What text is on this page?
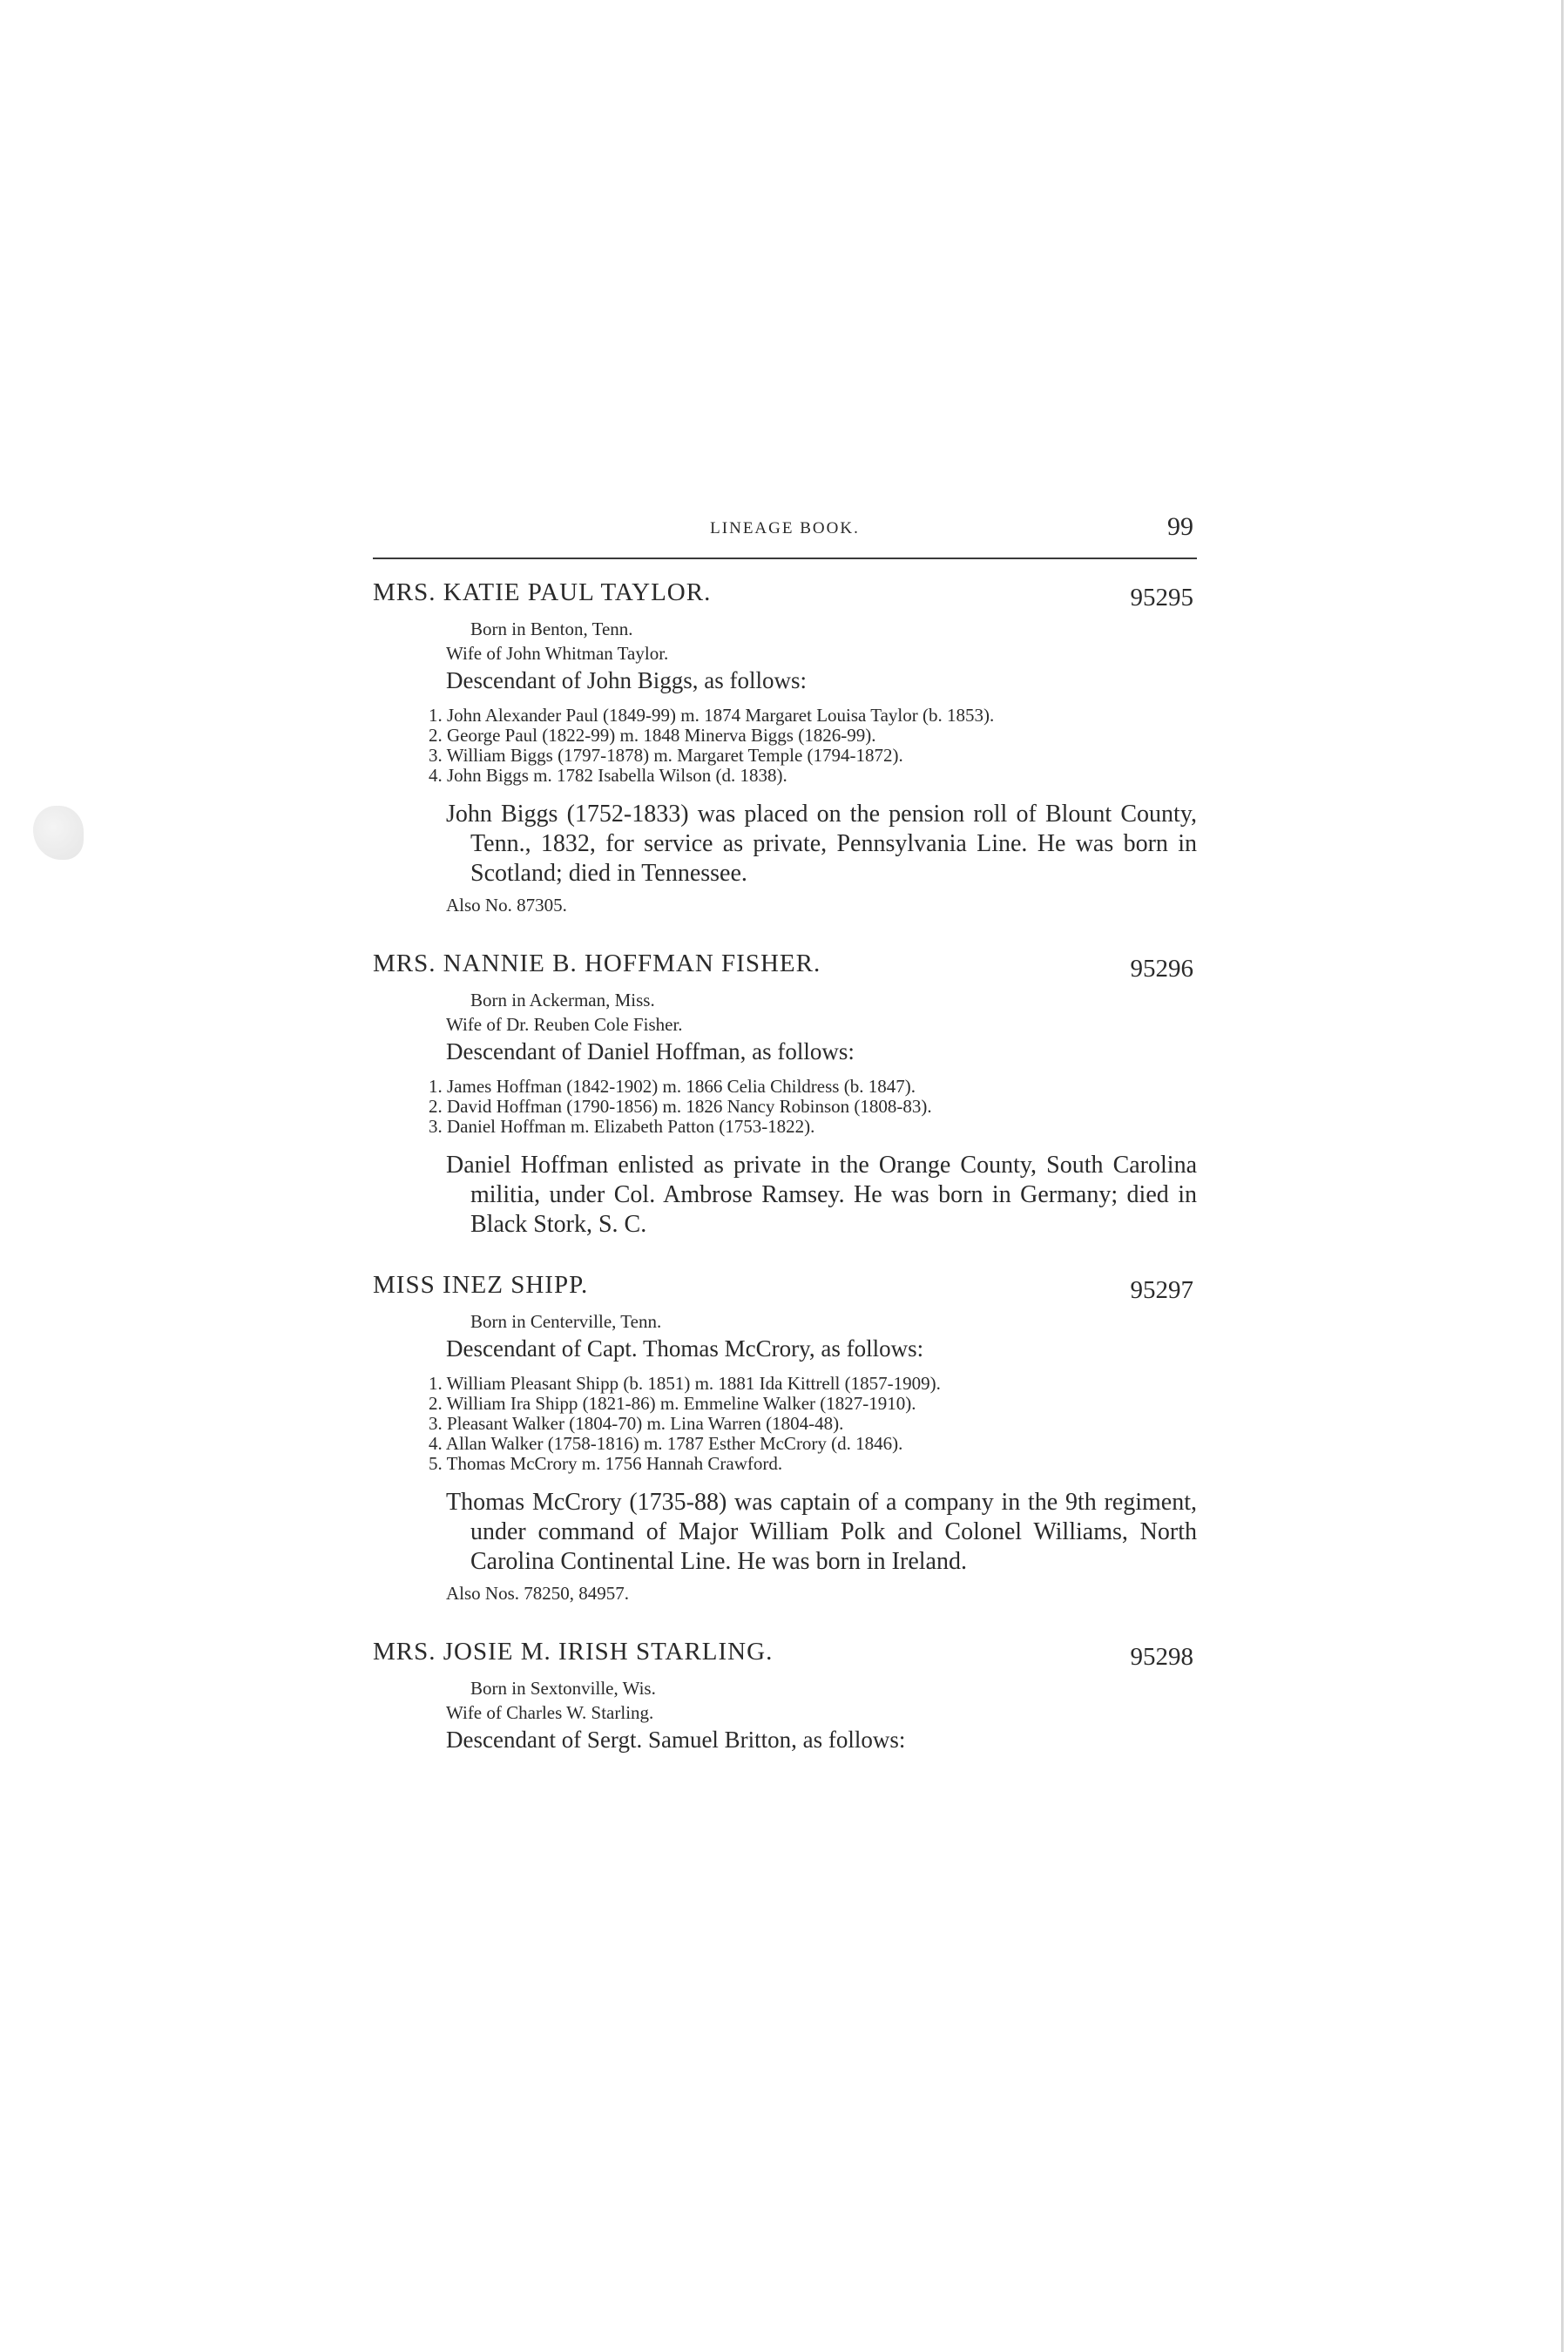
LINEAGE BOOK.	99
MRS. KATIE PAUL TAYLOR.	95295
Born in Benton, Tenn.
Wife of John Whitman Taylor.
Descendant of John Biggs, as follows:
1. John Alexander Paul (1849-99) m. 1874 Margaret Louisa Taylor (b. 1853).
2. George Paul (1822-99) m. 1848 Minerva Biggs (1826-99).
3. William Biggs (1797-1878) m. Margaret Temple (1794-1872).
4. John Biggs m. 1782 Isabella Wilson (d. 1838).
John Biggs (1752-1833) was placed on the pension roll of Blount County, Tenn., 1832, for service as private, Pennsylvania Line. He was born in Scotland; died in Tennessee.
Also No. 87305.
MRS. NANNIE B. HOFFMAN FISHER.	95296
Born in Ackerman, Miss.
Wife of Dr. Reuben Cole Fisher.
Descendant of Daniel Hoffman, as follows:
1. James Hoffman (1842-1902) m. 1866 Celia Childress (b. 1847).
2. David Hoffman (1790-1856) m. 1826 Nancy Robinson (1808-83).
3. Daniel Hoffman m. Elizabeth Patton (1753-1822).
Daniel Hoffman enlisted as private in the Orange County, South Carolina militia, under Col. Ambrose Ramsey. He was born in Germany; died in Black Stork, S. C.
MISS INEZ SHIPP.	95297
Born in Centerville, Tenn.
Descendant of Capt. Thomas McCrory, as follows:
1. William Pleasant Shipp (b. 1851) m. 1881 Ida Kittrell (1857-1909).
2. William Ira Shipp (1821-86) m. Emmeline Walker (1827-1910).
3. Pleasant Walker (1804-70) m. Lina Warren (1804-48).
4. Allan Walker (1758-1816) m. 1787 Esther McCrory (d. 1846).
5. Thomas McCrory m. 1756 Hannah Crawford.
Thomas McCrory (1735-88) was captain of a company in the 9th regiment, under command of Major William Polk and Colonel Williams, North Carolina Continental Line. He was born in Ireland.
Also Nos. 78250, 84957.
MRS. JOSIE M. IRISH STARLING.	95298
Born in Sextonville, Wis.
Wife of Charles W. Starling.
Descendant of Sergt. Samuel Britton, as follows:
